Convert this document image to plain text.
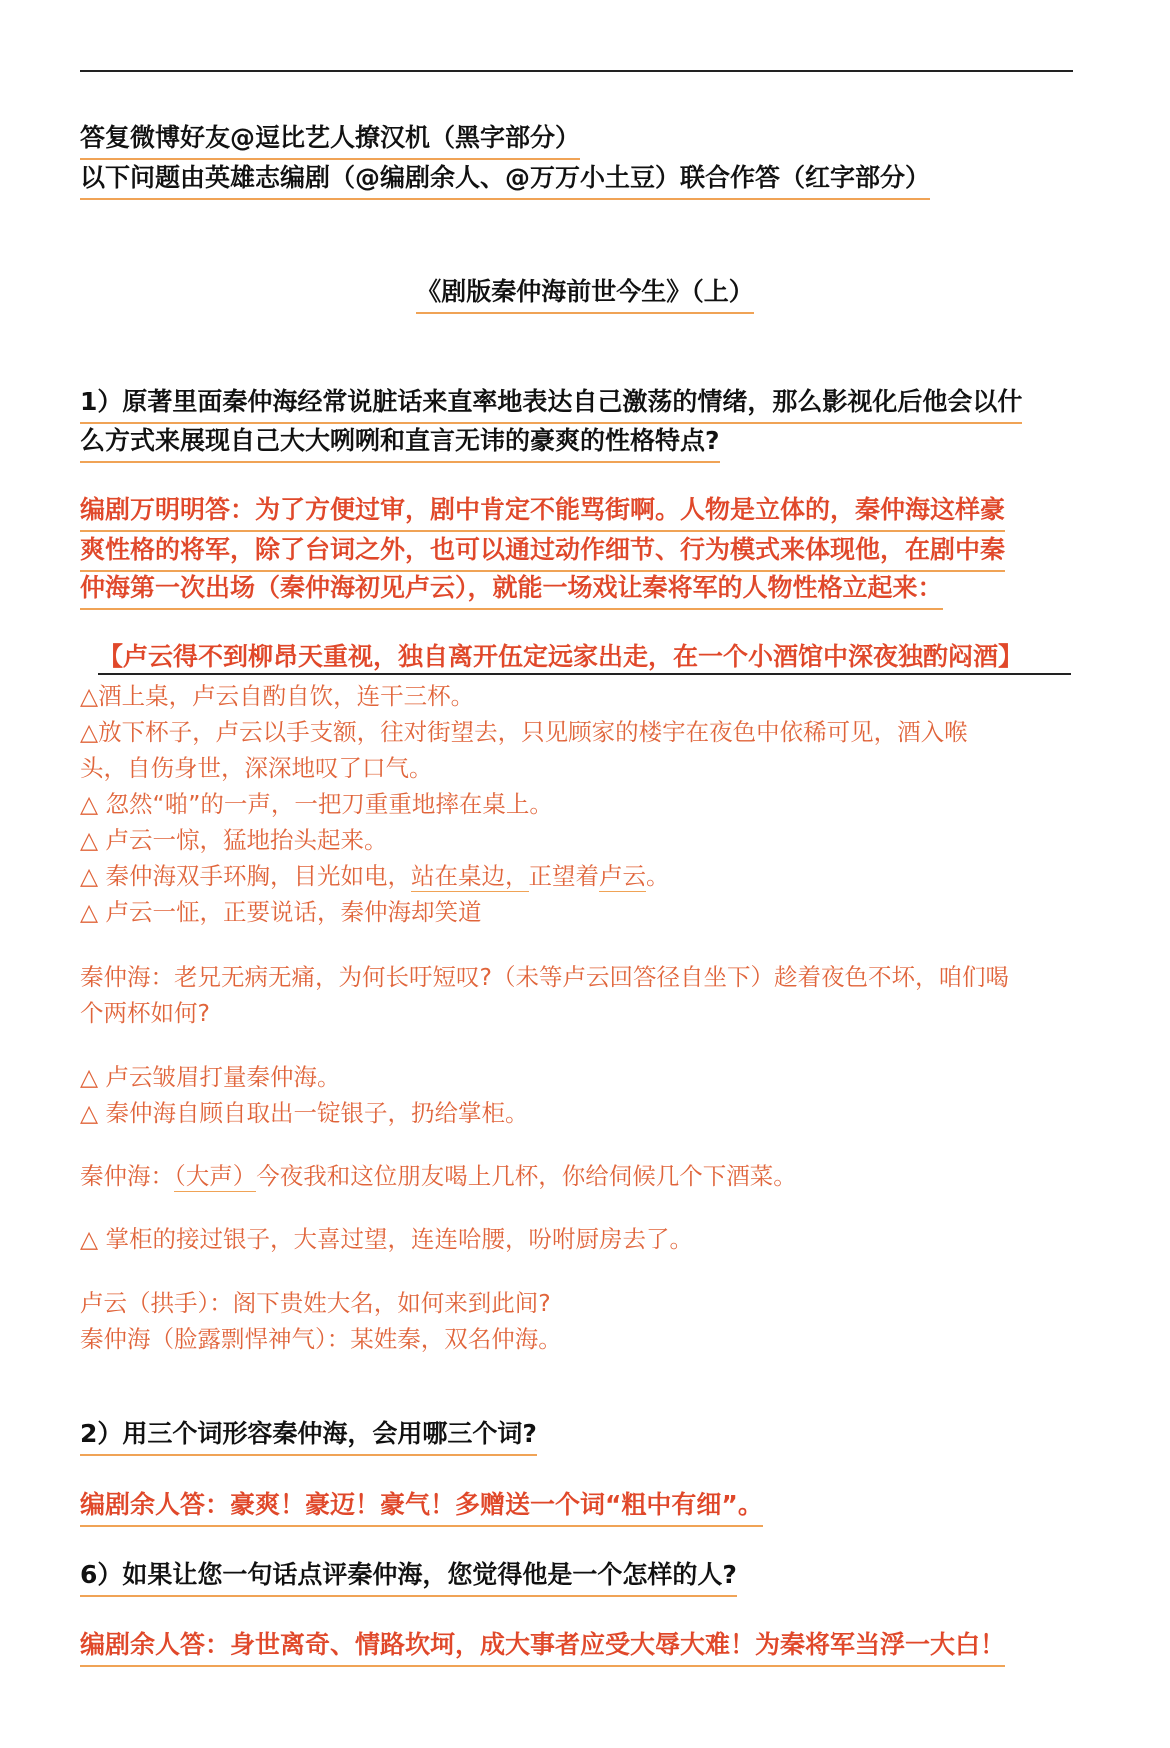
答复微博好友@逗比艺人撩汉机（黑字部分）
以下问题由英雄志编剧（@编剧余人、@万万小土豆）联合作答（红字部分）
《剧版秦仲海前世今生》（上）
1）原著里面秦仲海经常说脏话来直率地表达自己激荡的情绪，那么影视化后他会以什
么方式来展现自己大大咧咧和直言无讳的豪爽的性格特点?
编剧万明明答：为了方便过审，剧中肯定不能骂街啊。人物是立体的，秦仲海这样豪
爽性格的将军，除了台词之外，也可以通过动作细节、行为模式来体现他，在剧中秦
仲海第一次出场（秦仲海初见卢云），就能一场戏让秦将军的人物性格立起来：
【卢云得不到柳昂天重视，独自离开伍定远家出走，在一个小酒馆中深夜独酌闷酒】
△酒上桌，卢云自酌自饮，连干三杯。
△放下杯子，卢云以手支额，往对街望去，只见顾家的楼宇在夜色中依稀可见，酒入喉
头，自伤身世，深深地叹了口气。
△ 忽然“啪”的一声，一把刀重重地摔在桌上。
△ 卢云一惊，猛地抬头起来。
△ 秦仲海双手环胸，目光如电，站在桌边，正望着卢云。
△ 卢云一怔，正要说话，秦仲海却笑道
秦仲海：老兄无病无痛，为何长吁短叹?（未等卢云回答径自坐下）趁着夜色不坏，咱们喝
个两杯如何?
△ 卢云皱眉打量秦仲海。
△ 秦仲海自顾自取出一锭银子，扔给掌柜。
秦仲海：（大声）今夜我和这位朋友喝上几杯，你给伺候几个下酒菜。
△ 掌柜的接过银子，大喜过望，连连哈腰，吩咐厨房去了。
卢云（拱手）：阁下贵姓大名，如何来到此间?
秦仲海（脸露剽悍神气）：某姓秦，双名仲海。
2）用三个词形容秦仲海，会用哪三个词?
编剧余人答：豪爽！豪迈！豪气！多赠送一个词“粗中有细”。
6）如果让您一句话点评秦仲海，您觉得他是一个怎样的人?
编剧余人答：身世离奇、情路坎坷，成大事者应受大辱大难！为秦将军当浮一大白！
